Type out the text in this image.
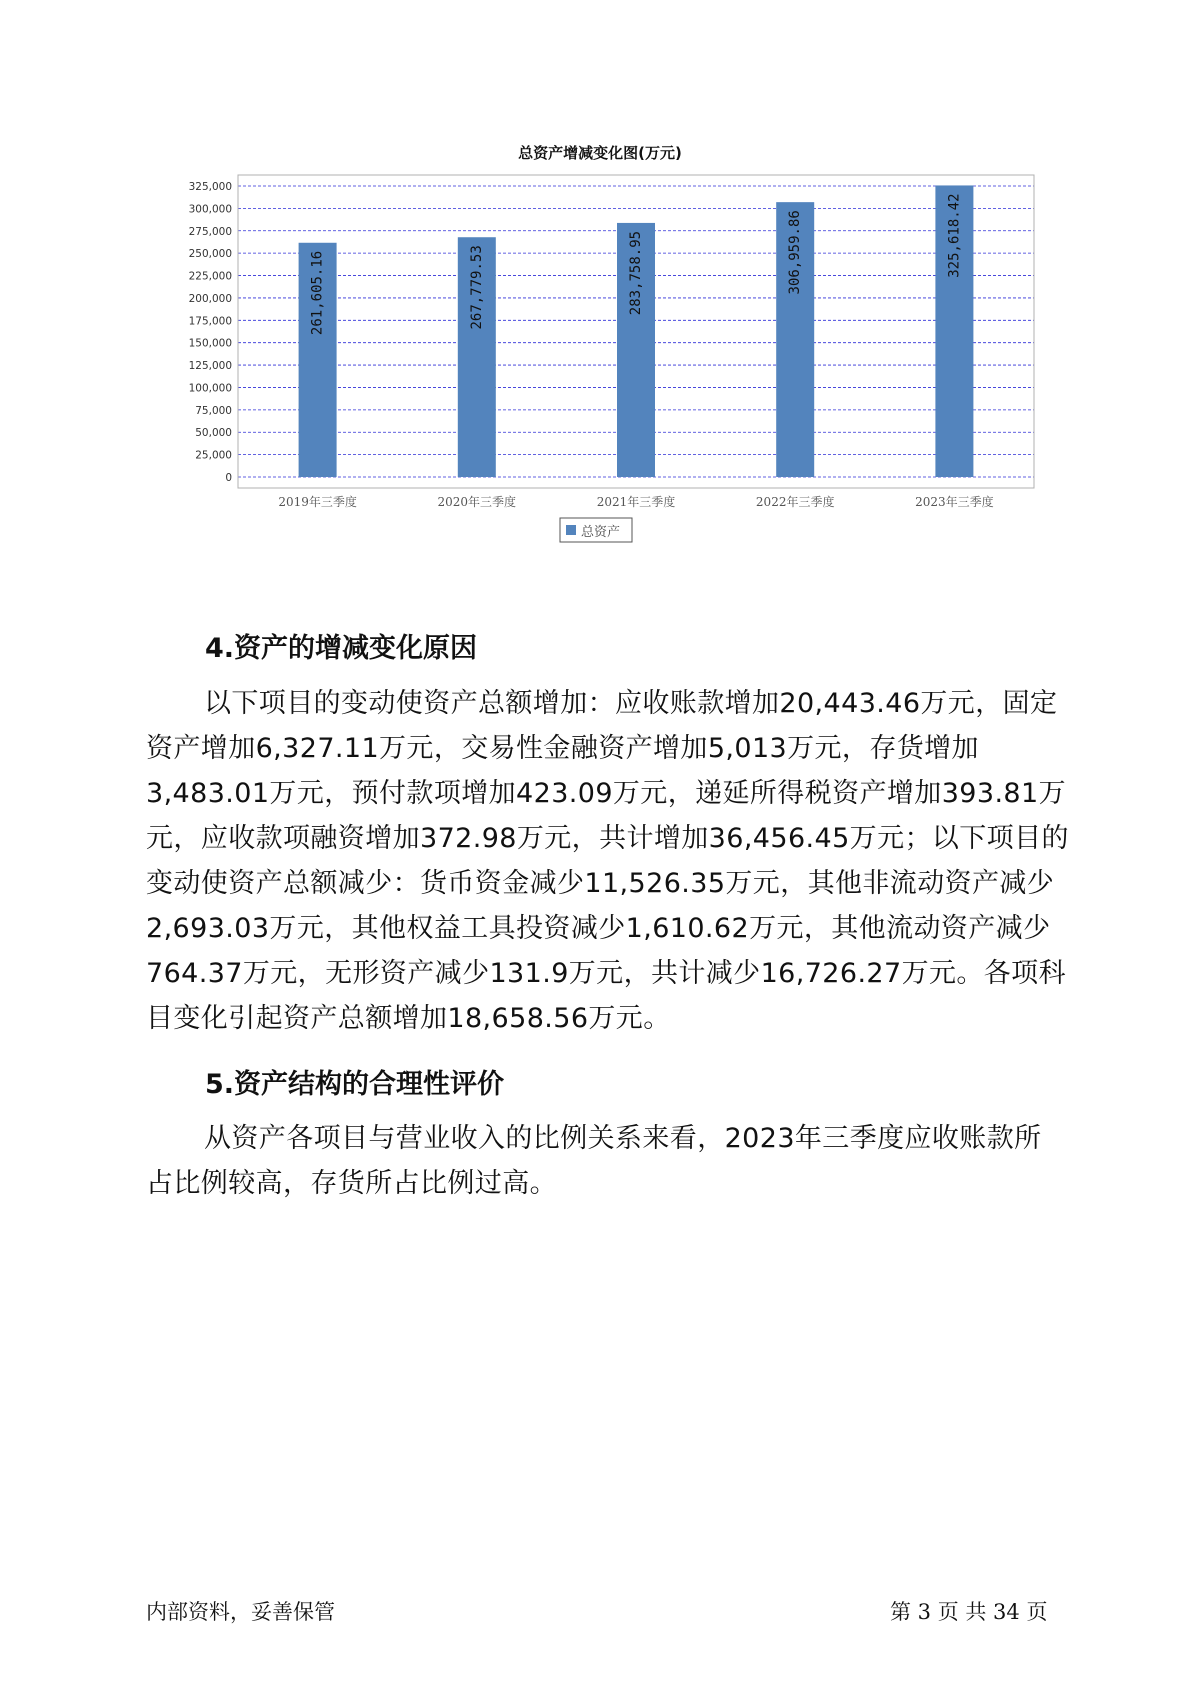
总资产增减变化图(万元)
0
25,000
50,000
75,000
100,000
125,000
150,000
175,000
200,000
225,000
250,000
275,000
300,000
325,000
261,605.16	267,779.53	283,758.95	306,959.86	325,618.42
2019年三季度	2020年三季度	2021年三季度	2022年三季度	2023年三季度
总资产
4.资产的增减变化原因
以下项目的变动使资产总额增加：应收账款增加20,443.46万元，固定
资产增加6,327.11万元，交易性金融资产增加5,013万元，存货增加
3,483.01万元，预付款项增加423.09万元，递延所得税资产增加393.81万
元，应收款项融资增加372.98万元，共计增加36,456.45万元；以下项目的
变动使资产总额减少：货币资金减少11,526.35万元，其他非流动资产减少
2,693.03万元，其他权益工具投资减少1,610.62万元，其他流动资产减少
764.37万元，无形资产减少131.9万元，共计减少16,726.27万元。各项科
目变化引起资产总额增加18,658.56万元。
5.资产结构的合理性评价
从资产各项目与营业收入的比例关系来看，2023年三季度应收账款所
占比例较高，存货所占比例过高。
内部资料，妥善保管	第 3 页 共 34 页
